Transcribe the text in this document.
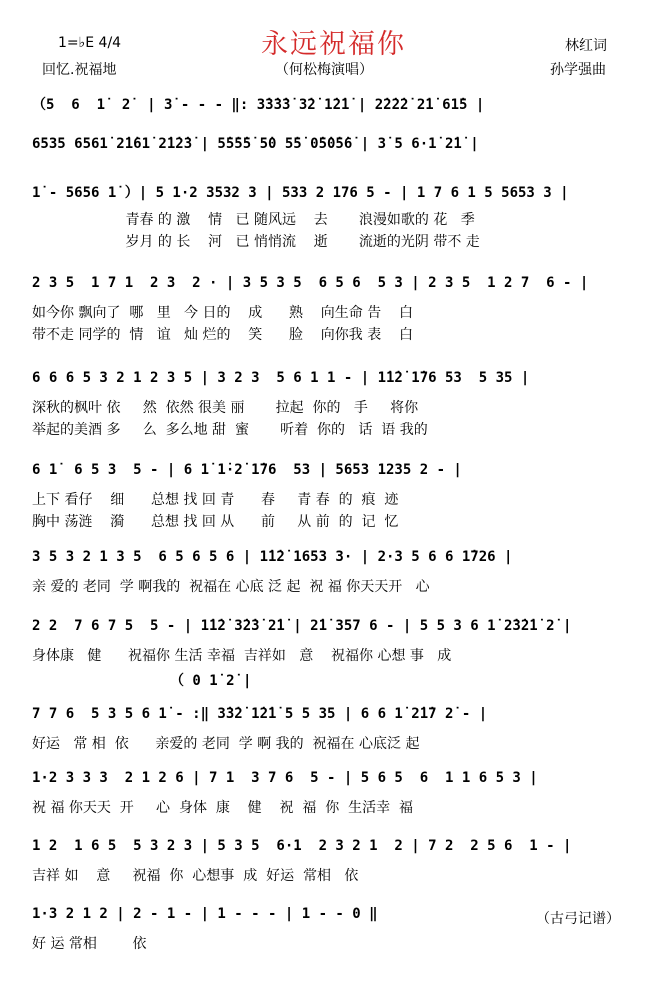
永远祝福你
1=♭E 4/4
回忆.祝福地	（何松梅演唱）
林红词
孙学强曲
（5  6  1̇  2̇  | 3̇ - - - ‖: 3̇3̇3̇3̇ 3̇2̇ 1̇2̇1̇ | 2̇2̇2̇2̇ 2̇1̇ 61̇5 |
6535 6561̇ 2̇1̇61̇ 2̇1̇2̇3̇ | 5̇5̇5̇5̇ 5̇0 5̇5̇ 0̇5̇0̇5̇6̇ | 3̇ 5 6·1̇ 2̇1̇ |
1̇ - 5656 1̇ ）| 5 1·2 3532 3 | 533 2 176 5 - | 1 7 6 1 5 5653 3 |
青春 的 激    情   已 随风远    去       浪漫如歌的 花   季
岁月 的 长    河   已 悄悄流    逝       流逝的光阴 带不 走
2 3 5  1 7 1  2 3  2 · | 3 5 3 5  6 5 6  5 3 | 2 3 5  1 2 7  6 - |
如今你 飘向了  哪   里   今 日的    成      熟    向生命 告    白
带不走 同学的  情   谊   灿 烂的    笑      脸    向你我 表    白
6 6 6 5 3 2 1 2 3 5 | 3 2 3  5 6 1 1 - | 1̇1̇2̇ 1̇76 53  5 35 |
深秋的枫叶 依     然  依然 很美 丽       拉起  你的   手     将你
举起的美酒 多     么  多么地 甜  蜜       听着  你的   话  语 我的
6 1̇  6 5 3  5 - | 6 1̇ 1̇·2̇ 1̇76  53 | 5653 1235 2 - |
上下 看仔    细      总想 找 回 青      春     青 春  的  痕  迹
胸中 荡涟    漪      总想 找 回 从      前     从 前  的  记  忆
3 5 3 2 1 3 5  6 5 6 5 6 | 1̇1̇2̇ 1653 3· | 2·3 5 6 6 1̇726 |
亲 爱的 老同  学 啊我的  祝福在 心底 泛 起  祝 福 你天天开   心
2 2  7 6 7 5  5 - | 1̇1̇2̇ 3̇2̇3̇ 2̇1̇ | 2̇1̇ 357 6 - | 5 5 3 6 1̇ 2̇3̇2̇1̇ 2̇ |
身体康   健      祝福你 生活 幸福  吉祥如   意    祝福你 心想 事   成
（ 0 1̇ 2̇ |
7 7 6  5 3 5 6 1̇ - :‖ 3̇3̇2̇ 1̇2̇1̇ 5 5 35 | 6 6 1̇ 2̇1̇7 2̇ - |
好运   常 相  依      亲爱的 老同  学 啊 我的  祝福在 心底泛 起
1·2 3 3 3  2 1 2 6 | 7 1  3 7 6  5 - | 5 6 5  6  1 1 6 5 3 |
祝 福 你天天  开     心  身体  康    健    祝  福  你  生活幸  福
1 2  1 6 5  5 3 2 3 | 5 3 5  6·1  2 3 2 1  2 | 7 2  2 5 6  1 - |
吉祥 如    意     祝福  你  心想事  成  好运  常相   依
1·3 2 1 2 | 2 - 1 - | 1 - - - | 1 - - 0 ‖
好 运 常相        依
（古弓记谱）
